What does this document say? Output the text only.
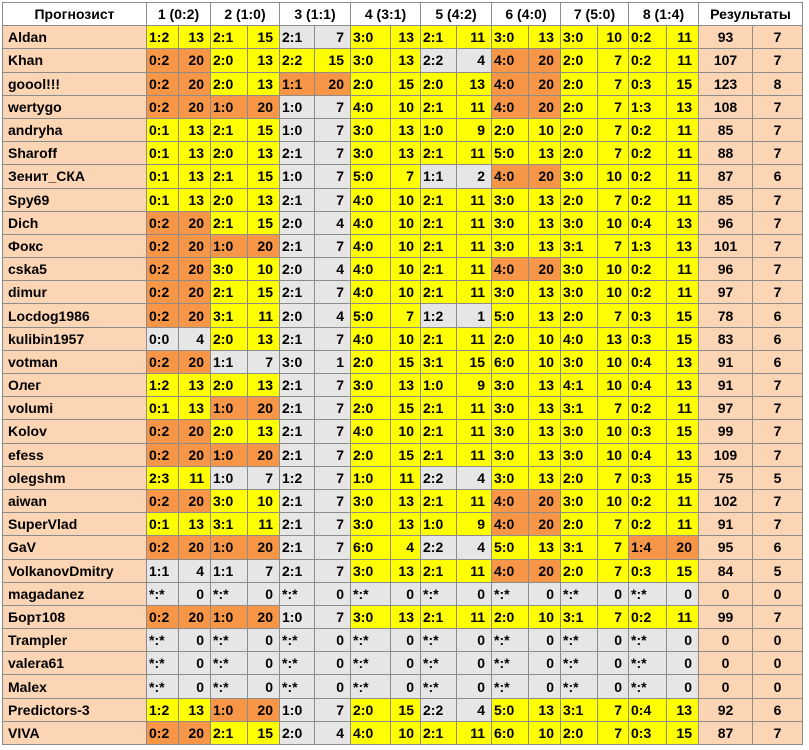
Прогнозист	1 (0:2)		2 (1:0)		3 (1:1)		4 (3:1)		5 (4:2)		6 (4:0)		7 (5:0)		8 (1:4)		Результаты	
Aldan	1:2	13	2:1	15	2:1	7	3:0	13	2:1	11	3:0	13	3:0	10	0:2	11	93	7
Khan	0:2	20	2:0	13	2:2	15	3:0	13	2:2	4	4:0	20	2:0	7	0:2	11	107	7
goool!!!	0:2	20	2:0	13	1:1	20	2:0	15	2:0	13	4:0	20	2:0	7	0:3	15	123	8
wertygo	0:2	20	1:0	20	1:0	7	4:0	10	2:1	11	4:0	20	2:0	7	1:3	13	108	7
andryha	0:1	13	2:1	15	1:0	7	3:0	13	1:0	9	2:0	10	2:0	7	0:2	11	85	7
Sharoff	0:1	13	2:0	13	2:1	7	3:0	13	2:1	11	5:0	13	2:0	7	0:2	11	88	7
Зенит_СКА	0:1	13	2:1	15	1:0	7	5:0	7	1:1	2	4:0	20	3:0	10	0:2	11	87	6
Spy69	0:1	13	2:0	13	2:1	7	4:0	10	2:1	11	3:0	13	2:0	7	0:2	11	85	7
Dich	0:2	20	2:1	15	2:0	4	4:0	10	2:1	11	3:0	13	3:0	10	0:4	13	96	7
Фокс	0:2	20	1:0	20	2:1	7	4:0	10	2:1	11	3:0	13	3:1	7	1:3	13	101	7
cska5	0:2	20	3:0	10	2:0	4	4:0	10	2:1	11	4:0	20	3:0	10	0:2	11	96	7
dimur	0:2	20	2:1	15	2:1	7	4:0	10	2:1	11	3:0	13	3:0	10	0:2	11	97	7
Locdog1986	0:2	20	3:1	11	2:0	4	5:0	7	1:2	1	5:0	13	2:0	7	0:3	15	78	6
kulibin1957	0:0	4	2:0	13	2:1	7	4:0	10	2:1	11	2:0	10	4:0	13	0:3	15	83	6
votman	0:2	20	1:1	7	3:0	1	2:0	15	3:1	15	6:0	10	3:0	10	0:4	13	91	6
Олег	1:2	13	2:0	13	2:1	7	3:0	13	1:0	9	3:0	13	4:1	10	0:4	13	91	7
volumi	0:1	13	1:0	20	2:1	7	2:0	15	2:1	11	3:0	13	3:1	7	0:2	11	97	7
Kolov	0:2	20	2:0	13	2:1	7	4:0	10	2:1	11	3:0	13	3:0	10	0:3	15	99	7
efess	0:2	20	1:0	20	2:1	7	2:0	15	2:1	11	3:0	13	3:0	10	0:4	13	109	7
olegshm	2:3	11	1:0	7	1:2	7	1:0	11	2:2	4	3:0	13	2:0	7	0:3	15	75	5
aiwan	0:2	20	3:0	10	2:1	7	3:0	13	2:1	11	4:0	20	3:0	10	0:2	11	102	7
SuperVlad	0:1	13	3:1	11	2:1	7	3:0	13	1:0	9	4:0	20	2:0	7	0:2	11	91	7
GaV	0:2	20	1:0	20	2:1	7	6:0	4	2:2	4	5:0	13	3:1	7	1:4	20	95	6
VolkanovDmitry	1:1	4	1:1	7	2:1	7	3:0	13	2:1	11	4:0	20	2:0	7	0:3	15	84	5
magadanez	*:*	0	*:*	0	*:*	0	*:*	0	*:*	0	*:*	0	*:*	0	*:*	0	0	0
Борт108	0:2	20	1:0	20	1:0	7	3:0	13	2:1	11	2:0	10	3:1	7	0:2	11	99	7
Trampler	*:*	0	*:*	0	*:*	0	*:*	0	*:*	0	*:*	0	*:*	0	*:*	0	0	0
valera61	*:*	0	*:*	0	*:*	0	*:*	0	*:*	0	*:*	0	*:*	0	*:*	0	0	0
Malex	*:*	0	*:*	0	*:*	0	*:*	0	*:*	0	*:*	0	*:*	0	*:*	0	0	0
Predictors-3	1:2	13	1:0	20	1:0	7	2:0	15	2:2	4	5:0	13	3:1	7	0:4	13	92	6
VIVA	0:2	20	2:1	15	2:0	4	4:0	10	2:1	11	6:0	10	2:0	7	0:3	15	87	7
